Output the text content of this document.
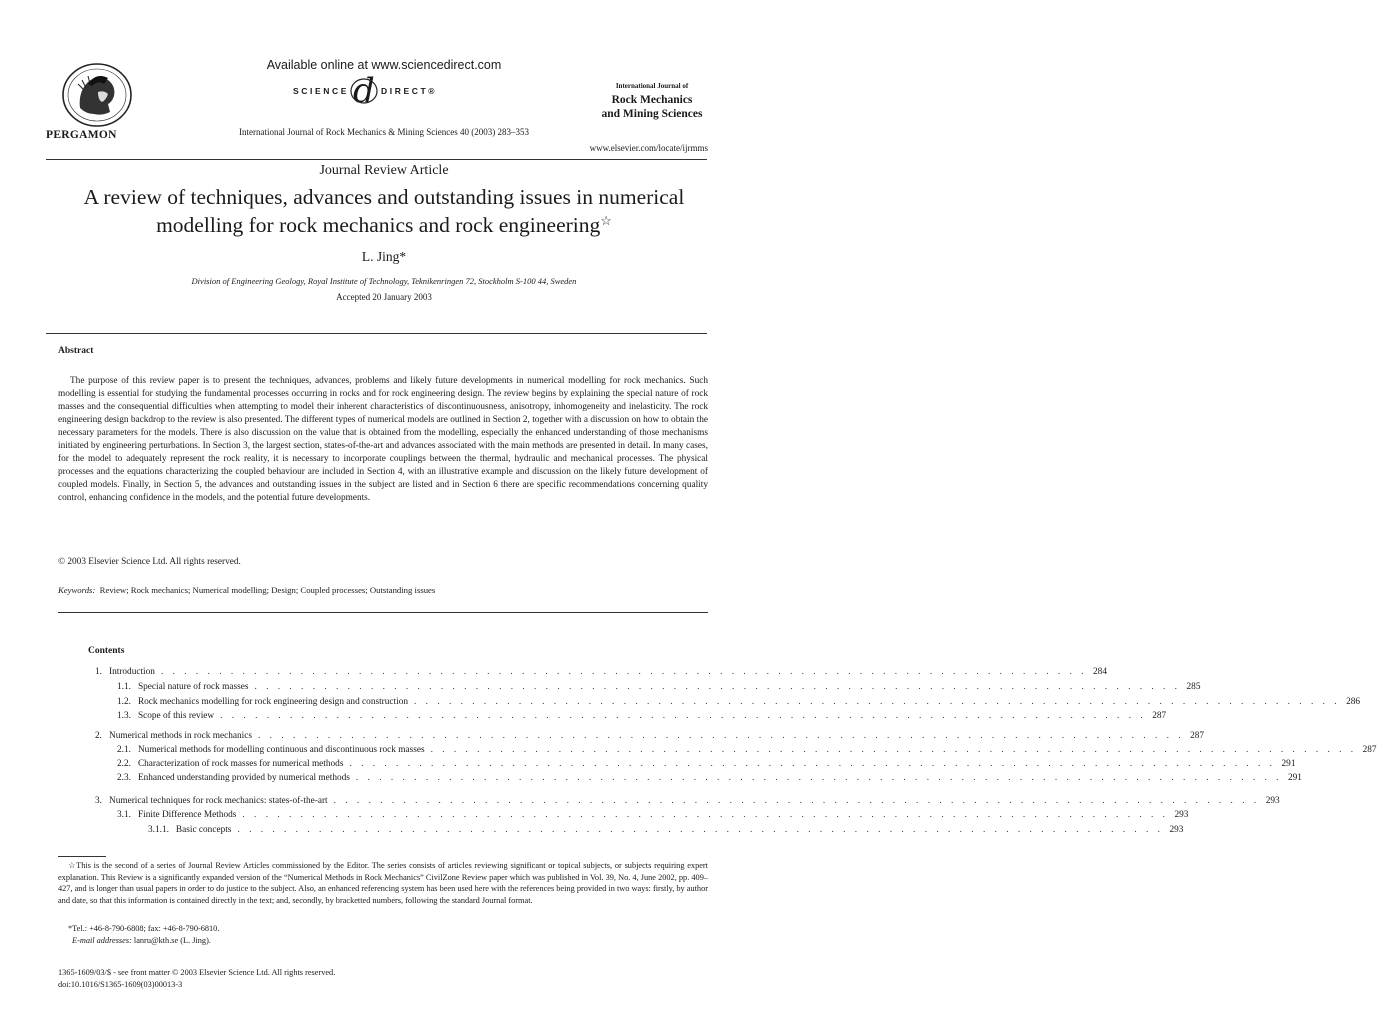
PERGAMON
Available online at www.sciencedirect.com
SCIENCE d DIRECT®
International Journal of Rock Mechanics & Mining Sciences 40 (2003) 283–353
International Journal of
Rock Mechanics
and Mining Sciences
www.elsevier.com/locate/ijrmms
Journal Review Article
A review of techniques, advances and outstanding issues in numerical
modelling for rock mechanics and rock engineering☆
L. Jing*
Division of Engineering Geology, Royal Institute of Technology, Teknikenringen 72, Stockholm S-100 44, Sweden
Accepted 20 January 2003
Abstract

The purpose of this review paper is to present the techniques, advances, problems and likely future developments in numerical modelling for rock mechanics. Such modelling is essential for studying the fundamental processes occurring in rocks and for rock engineering design. The review begins by explaining the special nature of rock masses and the consequential difficulties when attempting to model their inherent characteristics of discontinuousness, anisotropy, inhomogeneity and inelasticity. The rock engineering design backdrop to the review is also presented. The different types of numerical models are outlined in Section 2, together with a discussion on how to obtain the necessary parameters for the models. There is also discussion on the value that is obtained from the modelling, especially the enhanced understanding of those mechanisms initiated by engineering perturbations. In Section 3, the largest section, states-of-the-art and advances associated with the main methods are presented in detail. In many cases, for the model to adequately represent the rock reality, it is necessary to incorporate couplings between the thermal, hydraulic and mechanical processes. The physical processes and the equations characterizing the coupled behaviour are included in Section 4, with an illustrative example and discussion on the likely future development of coupled models. Finally, in Section 5, the advances and outstanding issues in the subject are listed and in Section 6 there are specific recommendations concerning quality control, enhancing confidence in the models, and the potential future developments.

© 2003 Elsevier Science Ltd. All rights reserved.
Keywords: Review; Rock mechanics; Numerical modelling; Design; Coupled processes; Outstanding issues
Contents
1. Introduction . . . . . . . . . . . . . . . . . . . . . . . . . . . . . . . . . . . . . . . . . . . . . . . . . . . . . . . . . . . . . . . . . . . . . . . . . . . . . . . . 284
1.1. Special nature of rock masses . . . . . . . . . . . . . . . . . . . . . . . . . . . . . . . . . . . . . . . . . . . . . . . . . . . . . . . . . . . . . . . . . . . . . . . . . . . . . . . . 285
1.2. Rock mechanics modelling for rock engineering design and construction . . . . . . . . . . . . . . . . . . . . . . . . . . . . . . . . . . . . . . . . . . . . . . . . . . . . . . . . . . . . . . . . . . . . . . . . . . . . . . . . 286
1.3. Scope of this review . . . . . . . . . . . . . . . . . . . . . . . . . . . . . . . . . . . . . . . . . . . . . . . . . . . . . . . . . . . . . . . . . . . . . . . . . . . . . . . . 287
2. Numerical methods in rock mechanics . . . . . . . . . . . . . . . . . . . . . . . . . . . . . . . . . . . . . . . . . . . . . . . . . . . . . . . . . . . . . . . . . . . . . . . . . . . . . . . . 287
2.1. Numerical methods for modelling continuous and discontinuous rock masses . . . . . . . . . . . . . . . . . . . . . . . . . . . . . . . . . . . . . . . . . . . . . . . . . . . . . . . . . . . . . . . . . . . . . . . . . . . . . . . . 287
2.2. Characterization of rock masses for numerical methods . . . . . . . . . . . . . . . . . . . . . . . . . . . . . . . . . . . . . . . . . . . . . . . . . . . . . . . . . . . . . . . . . . . . . . . . . . . . . . . . 291
2.3. Enhanced understanding provided by numerical methods . . . . . . . . . . . . . . . . . . . . . . . . . . . . . . . . . . . . . . . . . . . . . . . . . . . . . . . . . . . . . . . . . . . . . . . . . . . . . . . . 291
3. Numerical techniques for rock mechanics: states-of-the-art . . . . . . . . . . . . . . . . . . . . . . . . . . . . . . . . . . . . . . . . . . . . . . . . . . . . . . . . . . . . . . . . . . . . . . . . . . . . . . . . 293
3.1. Finite Difference Methods . . . . . . . . . . . . . . . . . . . . . . . . . . . . . . . . . . . . . . . . . . . . . . . . . . . . . . . . . . . . . . . . . . . . . . . . . . . . . . . . 293
3.1.1. Basic concepts . . . . . . . . . . . . . . . . . . . . . . . . . . . . . . . . . . . . . . . . . . . . . . . . . . . . . . . . . . . . . . . . . . . . . . . . . . . . . . . . 293

☆This is the second of a series of Journal Review Articles commissioned by the Editor. The series consists of articles reviewing significant or topical subjects, or subjects requiring expert explanation. This Review is a significantly expanded version of the “Numerical Methods in Rock Mechanics” CivilZone Review paper which was published in Vol. 39, No. 4, June 2002, pp. 409–427, and is longer than usual papers in order to do justice to the subject. Also, an enhanced referencing system has been used here with the references being provided in two ways: firstly, by author and date, so that this information is contained directly in the text; and, secondly, by bracketted numbers, following the standard Journal format.

*Tel.: +46-8-790-6808; fax: +46-8-790-6810.
E-mail addresses: lanru@kth.se (L. Jing).
1365-1609/03/$ - see front matter © 2003 Elsevier Science Ltd. All rights reserved.
doi:10.1016/S1365-1609(03)00013-3
